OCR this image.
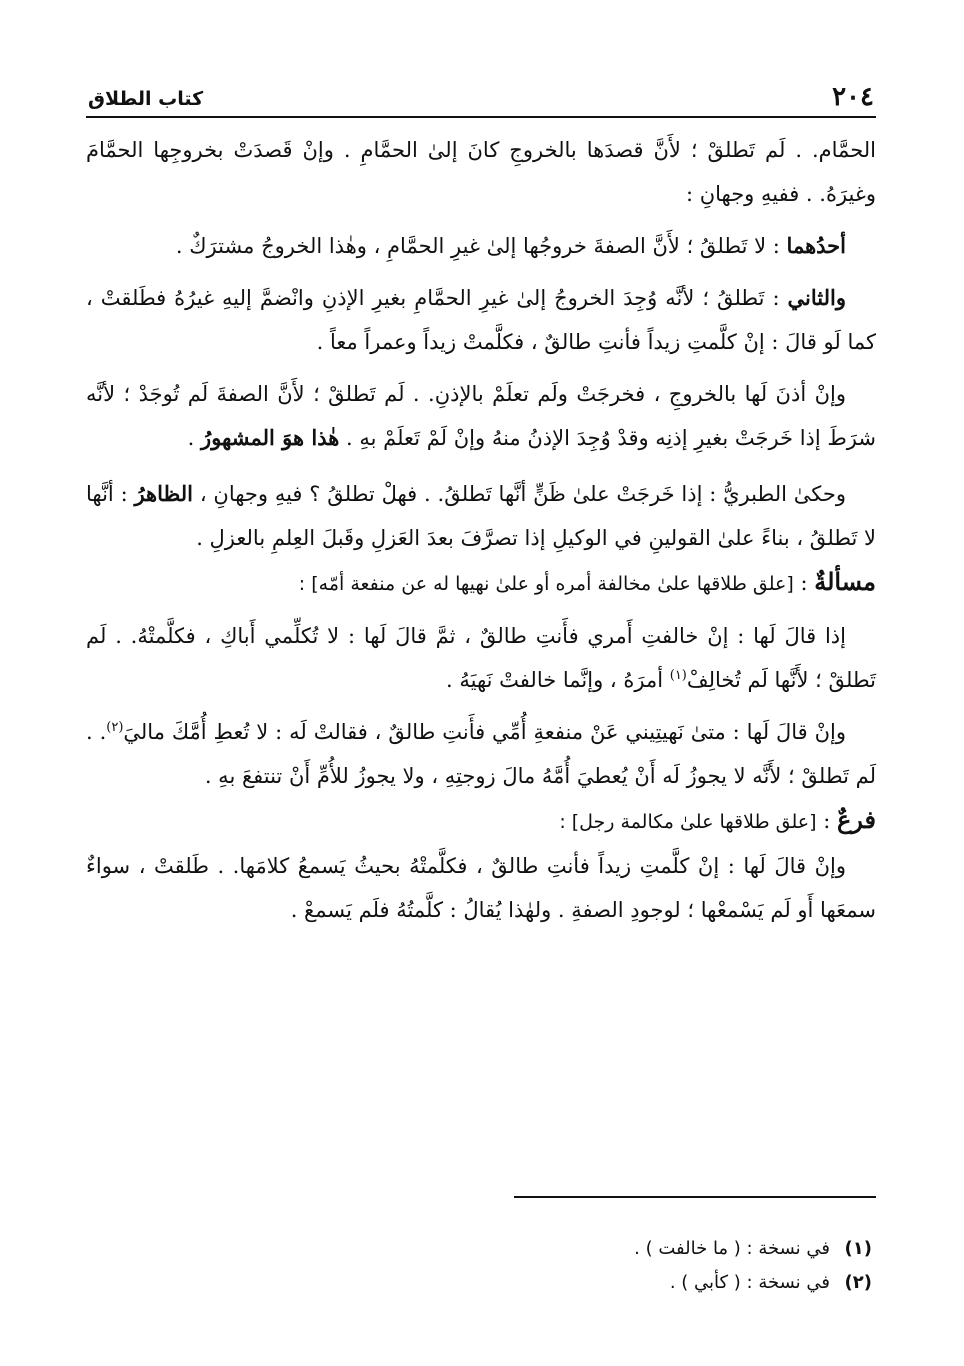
٢٠٤
كتاب الطلاق

الحمَّام. . لَم تَطلقْ ؛ لأَنَّ قصدَها بالخروجِ كانَ إلىٰ الحمَّامِ . وإنْ قَصدَتْ بخروجِها الحمَّامَ وغيرَهُ. . ففيهِ وجهانِ :

أحدُهما : لا تَطلقُ ؛ لأَنَّ الصفةَ خروجُها إلىٰ غيرِ الحمَّامِ ، وهٰذا الخروجُ مشترَكٌ .

والثاني : تَطلقُ ؛ لأنَّه وُجِدَ الخروجُ إلىٰ غيرِ الحمَّامِ بغيرِ الإذنِ وانْضمَّ إليهِ غيرُهُ فطَلقتْ ، كما لَو قالَ : إنْ كلَّمتِ زيداً فأنتِ طالقٌ ، فكلَّمتْ زيداً وعمراً معاً .

وإنْ أذنَ لَها بالخروجِ ، فخرجَتْ ولَم تعلَمْ بالإذنِ. . لَم تَطلقْ ؛ لأَنَّ الصفةَ لَم تُوجَدْ ؛ لأنَّه شرَطَ إذا خَرجَتْ بغيرِ إذنِه وقدْ وُجِدَ الإذنُ منهُ وإنْ لَمْ تَعلَمْ بهِ . هٰذا هوَ المشهورُ .

وحكىٰ الطبريُّ : إذا خَرجَتْ علىٰ ظَنٍّ أنَّها تَطلقُ. . فهلْ تطلقُ ؟ فيهِ وجهانِ ، الظاهرُ : أنَّها لا تَطلقُ ، بناءً علىٰ القولينِ في الوكيلِ إذا تصرَّفَ بعدَ العَزلِ وقَبلَ العِلمِ بالعزلِ .

مسألةٌ : [علق طلاقها علىٰ مخالفة أمره أو علىٰ نهيها له عن منفعة أمّه] :

إذا قالَ لَها : إنْ خالفتِ أَمري فأَنتِ طالقٌ ، ثمَّ قالَ لَها : لا تُكلِّمي أَباكِ ، فكلَّمتْهُ. . لَم تَطلقْ ؛ لأَنَّها لَم تُخالِفْ$^{(١)}$ أمرَهُ ، وإنَّما خالفتْ نَهيَهُ .

وإنْ قالَ لَها : متىٰ نَهيتِيني عَنْ منفعةِ أُمِّي فأَنتِ طالقٌ ، فقالتْ لَه : لا تُعطِ أُمَّكَ ماليَ$^{(٢)}$. . لَم تَطلقْ ؛ لأَنَّه لا يجوزُ لَه أَنْ يُعطيَ أُمَّهُ مالَ زوجتِهِ ، ولا يجوزُ للأُمِّ أَنْ تنتفعَ بهِ .

فرعٌ : [علق طلاقها علىٰ مكالمة رجل] :

وإنْ قالَ لَها : إنْ كلَّمتِ زيداً فأنتِ طالقٌ ، فكلَّمتْهُ بحيثُ يَسمعُ كلامَها. . طَلقتْ ، سواءٌ سمعَها أَو لَم يَسْمعْها ؛ لوجودِ الصفةِ . ولهٰذا يُقالُ : كلَّمتُهُ فلَم يَسمعْ .

(١)في نسخة : ( ما خالفت ) .
(٢)في نسخة : ( كأبي ) .
